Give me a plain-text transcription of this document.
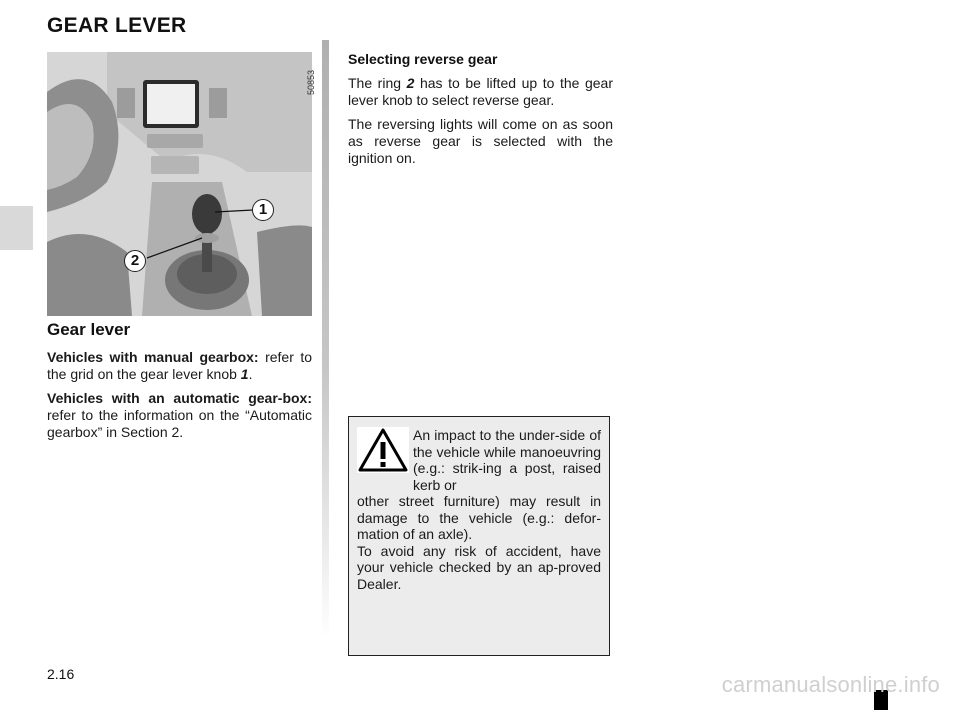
GEAR LEVER
50853
1
2
Gear lever
Vehicles with manual gearbox: refer to the grid on the gear lever knob 1.
Vehicles with an automatic gear-box: refer to the information on the “Automatic gearbox” in Section 2.
Selecting reverse gear
The ring 2 has to be lifted up to the gear lever knob to select reverse gear.
The reversing lights will come on as soon as reverse gear is selected with the ignition on.
An impact to the under-side of the vehicle while manoeuvring (e.g.: strik-ing a post, raised kerb or
other street furniture) may result in damage to the vehicle (e.g.: defor-mation of an axle).
To avoid any risk of accident, have your vehicle checked by an ap-proved Dealer.
2.16	carmanualsonline.info
